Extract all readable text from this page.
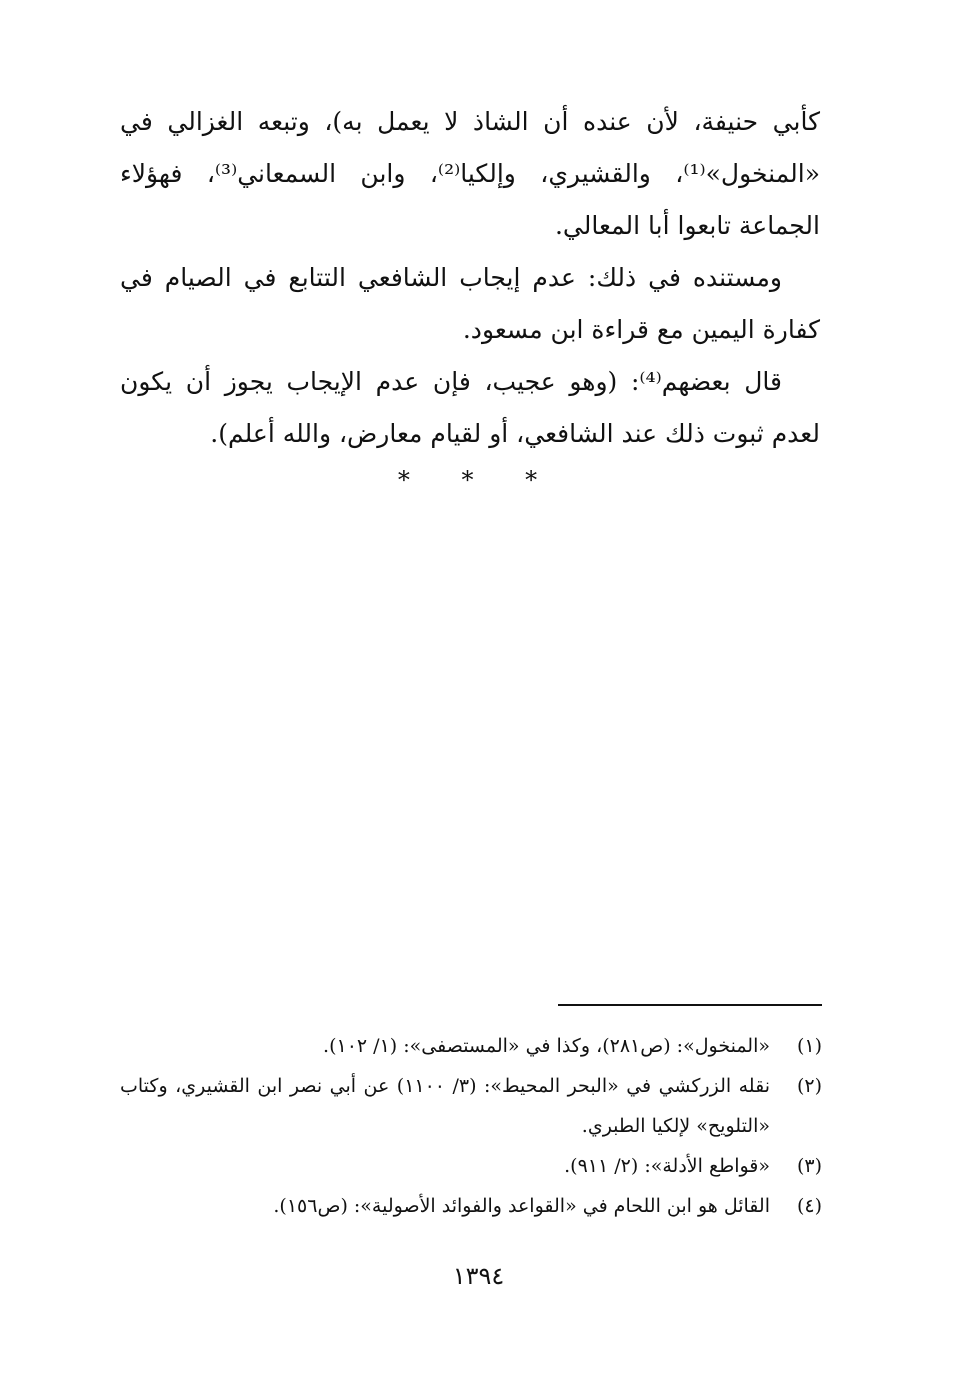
كأبي حنيفة، لأن عنده أن الشاذ لا يعمل به)، وتبعه الغزالي في «المنخول»⁽¹⁾، والقشيري، وإلكيا⁽²⁾، وابن السمعاني⁽³⁾، فهؤلاء الجماعة تابعوا أبا المعالي.

ومستنده في ذلك: عدم إيجاب الشافعي التتابع في الصيام في كفارة اليمين مع قراءة ابن مسعود.

قال بعضهم⁽⁴⁾: (وهو عجيب، فإن عدم الإيجاب يجوز أن يكون لعدم ثبوت ذلك عند الشافعي، أو لقيام معارض، والله أعلم).

* * *
(١)
«المنخول»: (ص٢٨١)، وكذا في «المستصفى»: (١/ ١٠٢).
(٢)
نقله الزركشي في «البحر المحيط»: (٣/ ١١٠٠) عن أبي نصر ابن القشيري، وكتاب «التلويح» لإلكيا الطبري.
(٣)
«قواطع الأدلة»: (٢/ ٩١١).
(٤)
القائل هو ابن اللحام في «القواعد والفوائد الأصولية»: (ص١٥٦).
١٣٩٤
